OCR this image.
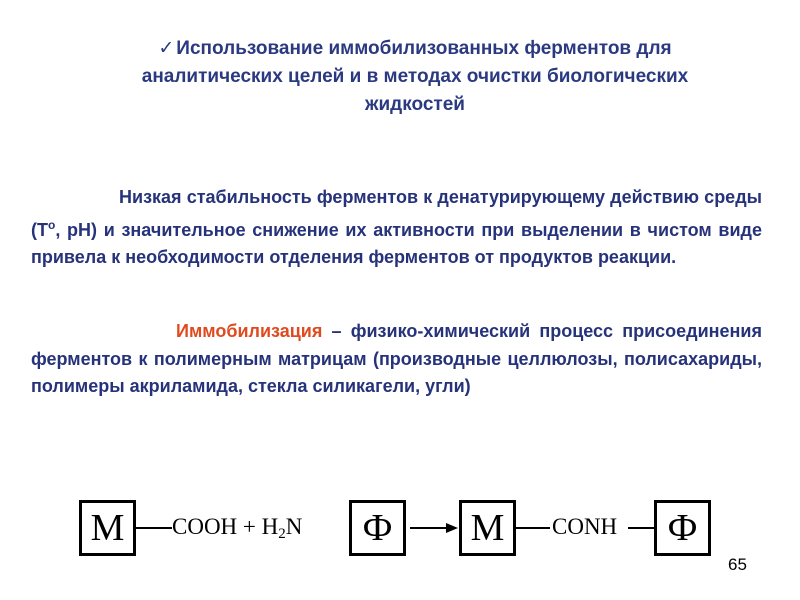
✓ Использование иммобилизованных ферментов для аналитических целей и в методах очистки биологических жидкостей
Низкая стабильность ферментов к денатурирующему действию среды ($Т^о$, рН) и значительное снижение их активности при выделении в чистом виде привела к необходимости отделения ферментов от продуктов реакции.
Иммобилизация – физико-химический процесс присоединения ферментов к полимерным матрицам (производные целлюлозы, полисахариды, полимеры акриламида, стекла силикагели, угли)
М COOH + $H_2N$ Ф М CONH Ф
65
